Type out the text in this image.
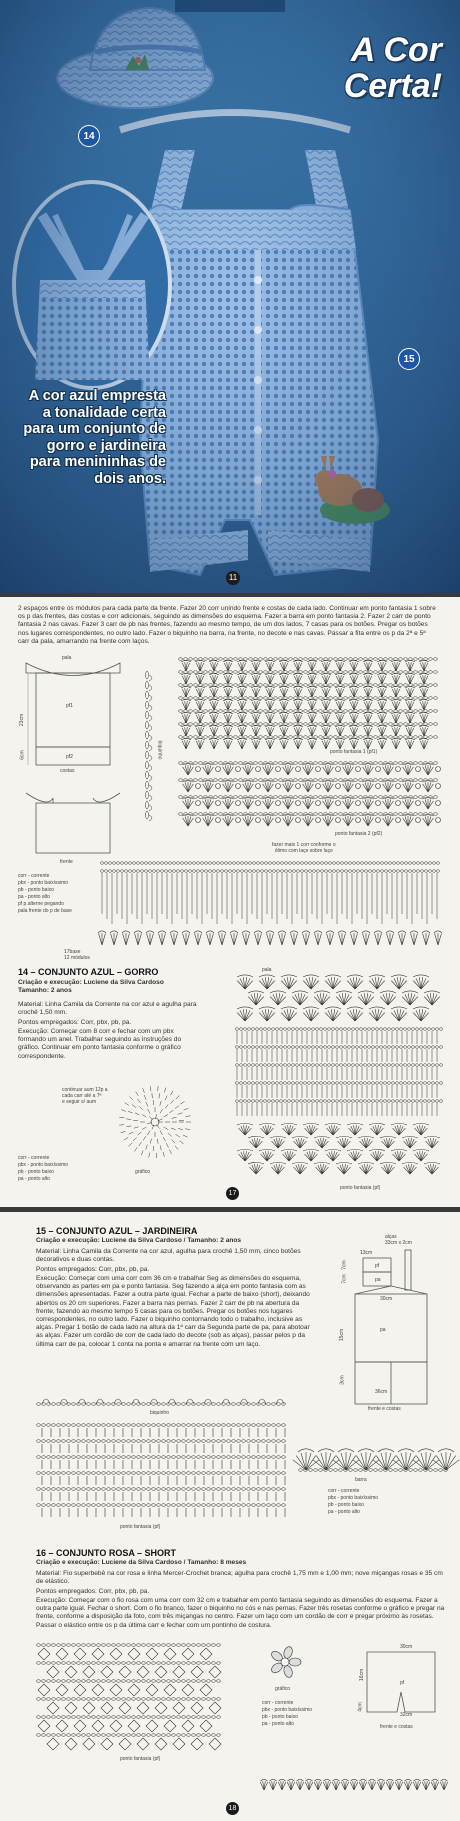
A Cor
Certa!
14
15
A cor azul empresta a tonalidade certa para um conjunto de gorro e jardineira para menininhas de dois anos.
11
2 espaços entre os módulos para cada parte da frente. Fazer 20 corr unindo frente e costas de cada lado. Continuar em ponto fantasia 1 sobre os p das frentes, das costas e corr adicionais, seguindo as dimensões do esquema. Fazer a barra em ponto fantasia 2. Fazer 2 carr de ponto fantasia 2 nas cavas. Fazer 3 carr de pb nas frentes, fazendo ao mesmo tempo, de um dos lados, 7 casas para os botões. Pregar os botões nos lugares correspondentes, no outro lado. Fazer o biquinho na barra, na frente, no decote e nas cavas. Passar a fita entre os p da 2ª e 5ª carr da pala, amarrando na frente com laços.
pala
pf1
pf2
costas
frente
23cm
6cm	biquinho	ponto fantasia 1 (pf1)
ponto fantasia 2 (pf2)
fazer mais 1 corr conforme o
ótimo com laçe sobre laçe
corr - corrente
pbx - ponto baixíssimo
pb - ponto baixo
pa - ponto alto
pf p.alterne pegando pala frente do p de base
17base
12 módulos
14 – CONJUNTO AZUL – GORRO
Criação e execução: Luciene da Silva Cardoso
Tamanho: 2 anos
Material: Linha Camila da Corrente na cor azul e agulha para crochê 1,50 mm.
Pontos empregados: Corr, pbx, pb, pa.
Execução: Começar com 8 corr e fechar com um pbx formando um anel. Trabalhar seguindo as instruções do gráfico. Continuar em ponto fantasia conforme o gráfico correspondente.
continuar aum 12p a
cada carr até a 7ª
e seguir s/ aum
gráfico
corr - corrente
pbx - ponto baixíssimo
pb - ponto baixo
pa - ponto alto
pala
ponto fantasia (pf)
17
15 – CONJUNTO AZUL – JARDINEIRA
Criação e execução: Luciene da Silva Cardoso / Tamanho: 2 anos
Material: Linha Camila da Corrente na cor azul, agulha para crochê 1,50 mm, cinco botões decorativos e duas contas.
Pontos empregados: Corr, pbx, pb, pa.
Execução: Começar com uma corr com 36 cm e trabalhar Seg as dimensões do esquema, observando as partes em pa e ponto fantasia. Seg fazendo a alça em ponto fantasia com as dimensões apresentadas. Fazer a outra parte igual. Fechar a parte de baixo (short), deixando abertos os 20 cm superiores. Fazer a barra nas pernas. Fazer 2 carr de pb na abertura da frente, fazendo ao mesmo tempo 5 casas para os botões. Pregar os botões nos lugares correspondentes, no outro lado. Fazer o biquinho contornando todo o trabalho, inclusive as alças. Pregar 1 botão de cada lado na altura da 1ª carr da Segunda parte de pa, para abotoar as alças. Fazer um cordão de corr de cada lado do decote (sob as alças), passar pelos p da última carr de pa, colocar 1 conta na ponta e amarrar na frente com um laço.
alças
33cm x 2cm
13cm
pf
pa
7cm
7cm
30cm
pa
15cm
3cm
36cm
frente e costas
biquinho
ponto fantasia (pf)
barra
corr - corrente
pbx - ponto baixíssimo
pb - ponto baixo
pa - ponto alto
16 – CONJUNTO ROSA – SHORT
Criação e execução: Luciene da Silva Cardoso / Tamanho: 8 meses
Material: Fio superbebê na cor rosa e linha Mercer-Crochet branca; agulha para crochê 1,75 mm e 1,00 mm; nove miçangas rosas e 35 cm de elástico.
Pontos empregados: Corr, pbx, pb, pa.
Execução: Começar com o fio rosa com uma corr com 32 cm e trabalhar em ponto fantasia seguindo as dimensões do esquema. Fazer a outra parte igual. Fechar o short. Com o fio branco, fazer o biquinho no cós e nas pernas. Fazer três rosetas conforme o gráfico e pregar na frente, conforme a disposição da foto, com três miçangas no centro. Fazer um laço com um cordão de corr e pregar próximo às rosetas. Passar o elástico entre os p da última carr e fechar com um pontinho de costura.
ponto fantasia (pf)
gráfico
corr - corrente
pbx - ponto baixíssimo
pb - ponto baixo
pa - ponto alto
30cm
16cm
pf
4cm
32cm
frente e costas
18
